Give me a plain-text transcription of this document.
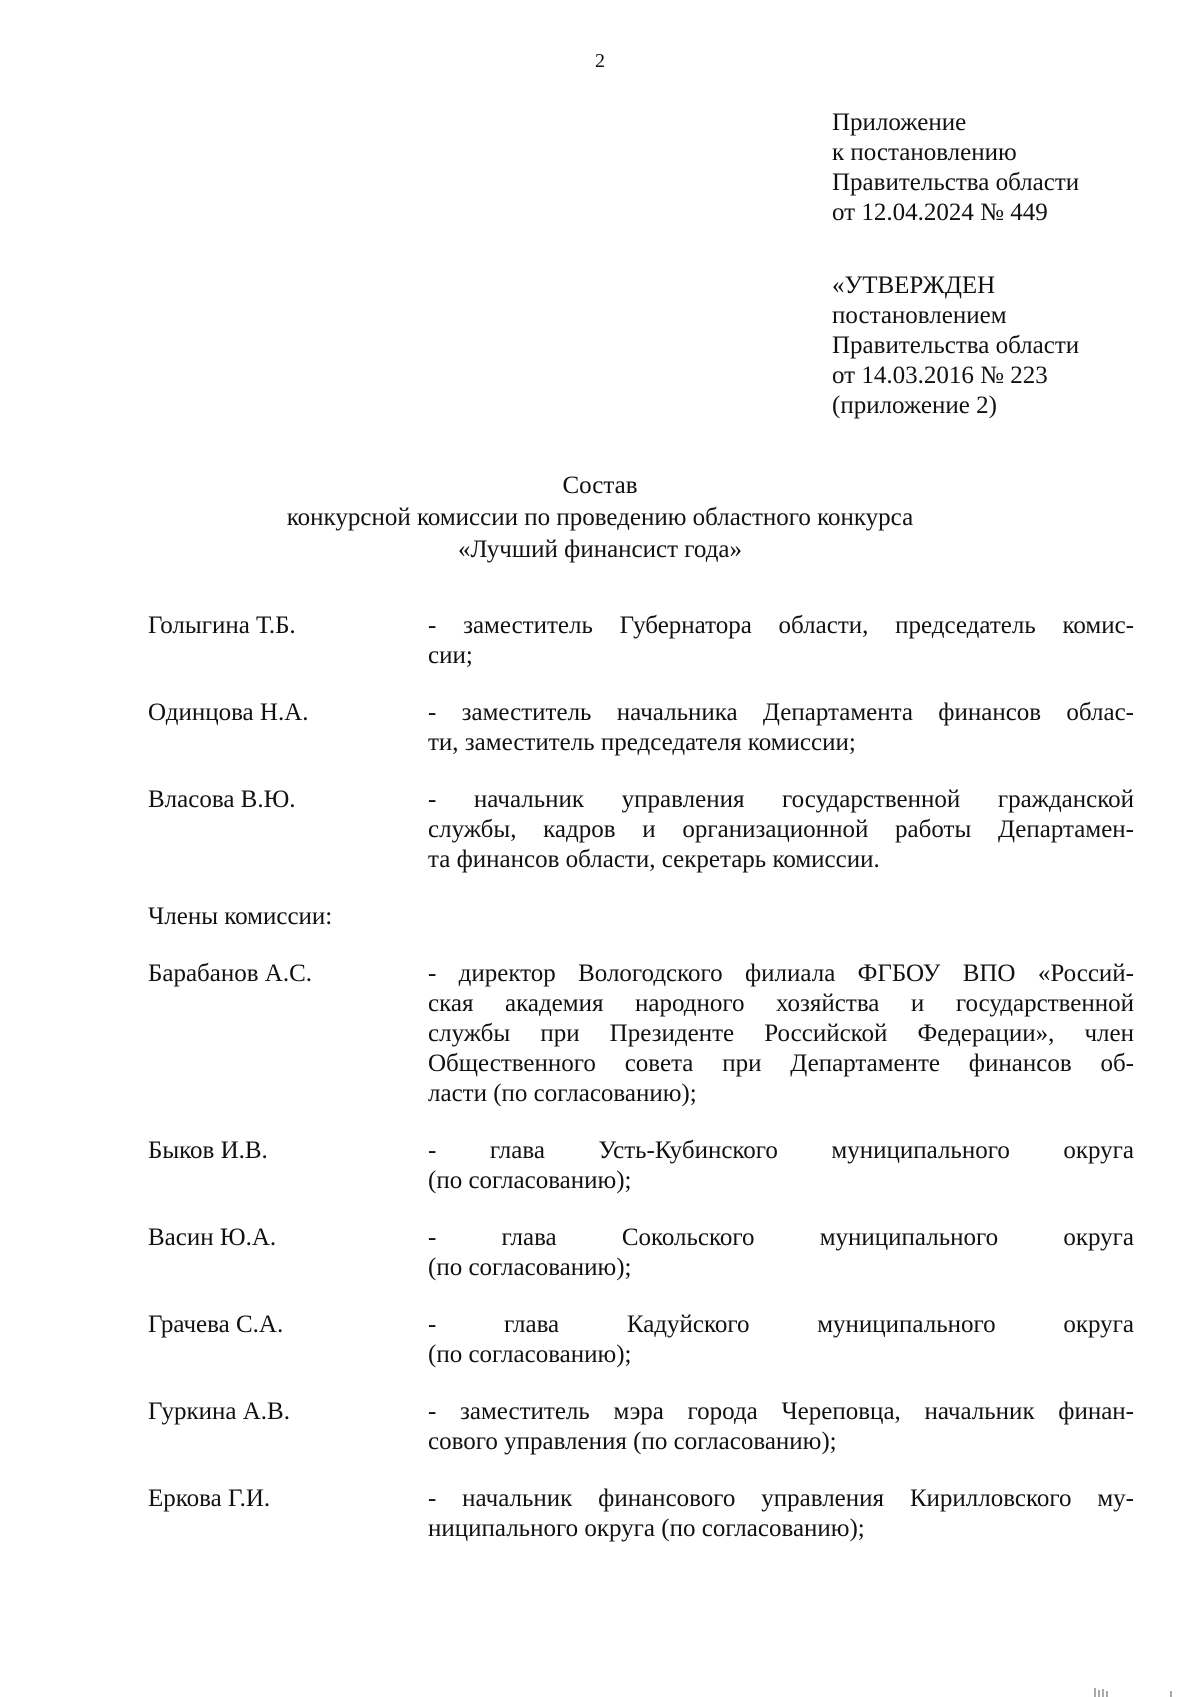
2
Приложение
к постановлению
Правительства области
от 12.04.2024 № 449
«УТВЕРЖДЕН
постановлением
Правительства области
от 14.03.2016 № 223
(приложение 2)
Состав
конкурсной комиссии по проведению областного конкурса
«Лучший финансист года»
Голыгина Т.Б.	- заместитель Губернатора области, председатель комис-
сии;
Одинцова Н.А.	- заместитель начальника Департамента финансов облас-
ти, заместитель председателя комиссии;
Власова В.Ю.	- начальник управления государственной гражданской
службы, кадров и организационной работы Департамен-
та финансов области, секретарь комиссии.
Члены комиссии:
Барабанов А.С.	- директор Вологодского филиала ФГБОУ ВПО «Россий-
ская академия народного хозяйства и государственной
службы при Президенте Российской Федерации», член
Общественного совета при Департаменте финансов об-
ласти (по согласованию);
Быков И.В.	- глава Усть-Кубинского муниципального округа
(по согласованию);
Васин Ю.А.	- глава Сокольского муниципального округа
(по согласованию);
Грачева С.А.	- глава Кадуйского муниципального округа
(по согласованию);
Гуркина А.В.	- заместитель мэра города Череповца, начальник финан-
сового управления (по согласованию);
Еркова Г.И.	- начальник финансового управления Кирилловского му-
ниципального округа (по согласованию);
